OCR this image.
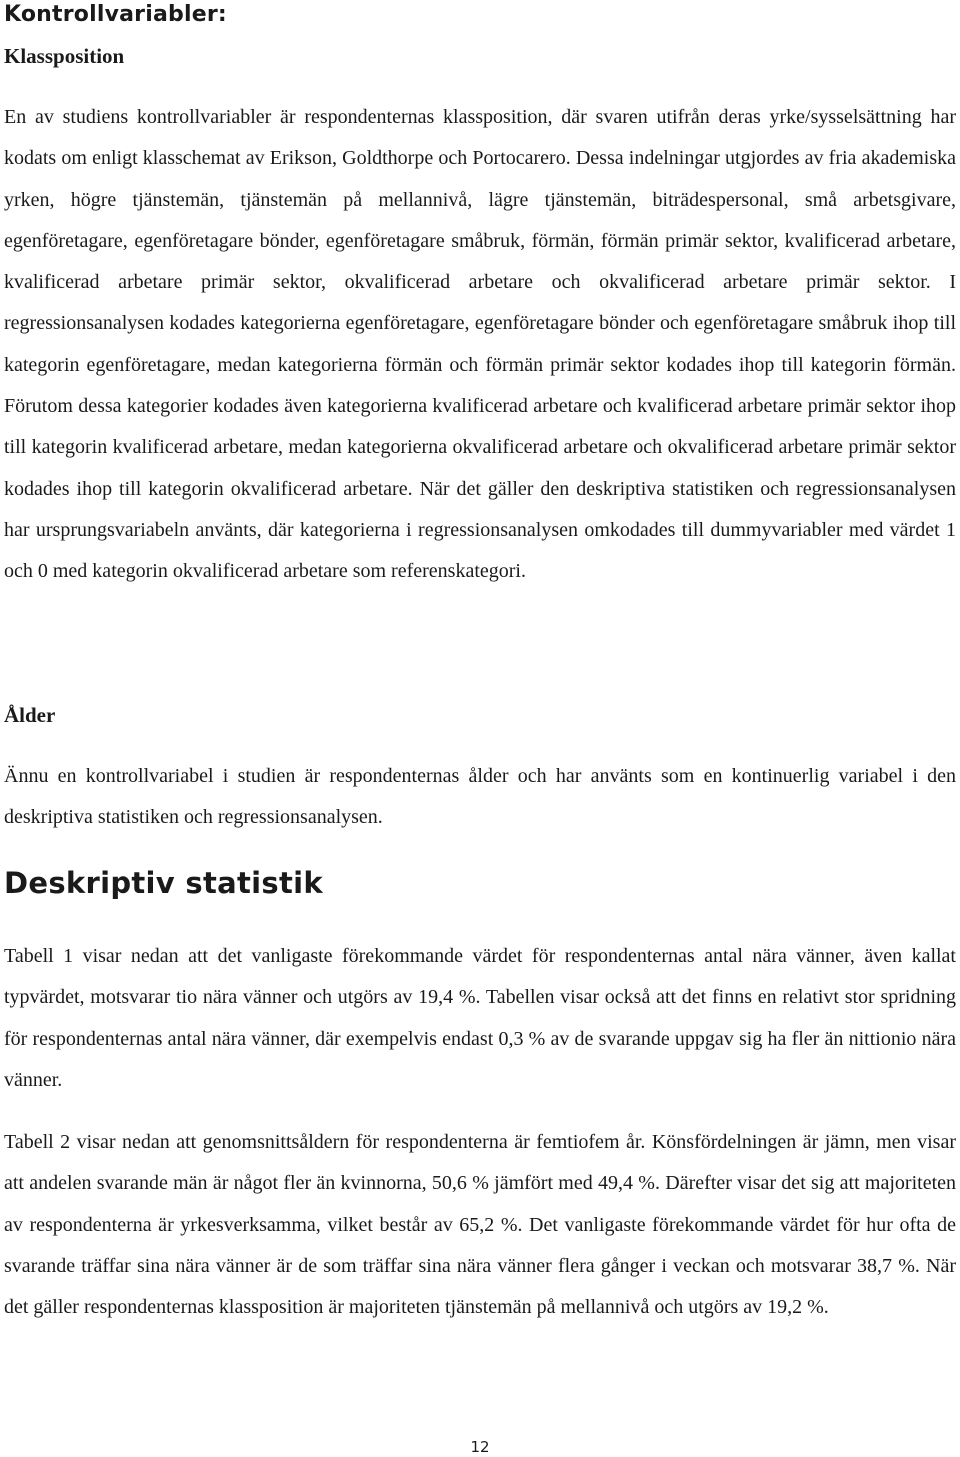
Kontrollvariabler:
Klassposition

En av studiens kontrollvariabler är respondenternas klassposition, där svaren utifrån deras yrke/sysselsättning har kodats om enligt klasschemat av Erikson, Goldthorpe och Portocarero. Dessa indelningar utgjordes av fria akademiska yrken, högre tjänstemän, tjänstemän på mellannivå, lägre tjänstemän, biträdespersonal, små arbetsgivare, egenföretagare, egenföretagare bönder, egenföretagare småbruk, förmän, förmän primär sektor, kvalificerad arbetare, kvalificerad arbetare primär sektor, okvalificerad arbetare och okvalificerad arbetare primär sektor. I regressionsanalysen kodades kategorierna egenföretagare, egenföretagare bönder och egenföretagare småbruk ihop till kategorin egenföretagare, medan kategorierna förmän och förmän primär sektor kodades ihop till kategorin förmän. Förutom dessa kategorier kodades även kategorierna kvalificerad arbetare och kvalificerad arbetare primär sektor ihop till kategorin kvalificerad arbetare, medan kategorierna okvalificerad arbetare och okvalificerad arbetare primär sektor kodades ihop till kategorin okvalificerad arbetare. När det gäller den deskriptiva statistiken och regressionsanalysen har ursprungsvariabeln använts, där kategorierna i regressionsanalysen omkodades till dummyvariabler med värdet 1 och 0 med kategorin okvalificerad arbetare som referenskategori.

Ålder

Ännu en kontrollvariabel i studien är respondenternas ålder och har använts som en kontinuerlig variabel i den deskriptiva statistiken och regressionsanalysen.

Deskriptiv statistik

Tabell 1 visar nedan att det vanligaste förekommande värdet för respondenternas antal nära vänner, även kallat typvärdet, motsvarar tio nära vänner och utgörs av 19,4 %. Tabellen visar också att det finns en relativt stor spridning för respondenternas antal nära vänner, där exempelvis endast 0,3 % av de svarande uppgav sig ha fler än nittionio nära vänner.

Tabell 2 visar nedan att genomsnittsåldern för respondenterna är femtiofem år. Könsfördelningen är jämn, men visar att andelen svarande män är något fler än kvinnorna, 50,6 % jämfört med 49,4 %. Därefter visar det sig att majoriteten av respondenterna är yrkesverksamma, vilket består av 65,2 %. Det vanligaste förekommande värdet för hur ofta de svarande träffar sina nära vänner är de som träffar sina nära vänner flera gånger i veckan och motsvarar 38,7 %. När det gäller respondenternas klassposition är majoriteten tjänstemän på mellannivå och utgörs av 19,2 %.

12
